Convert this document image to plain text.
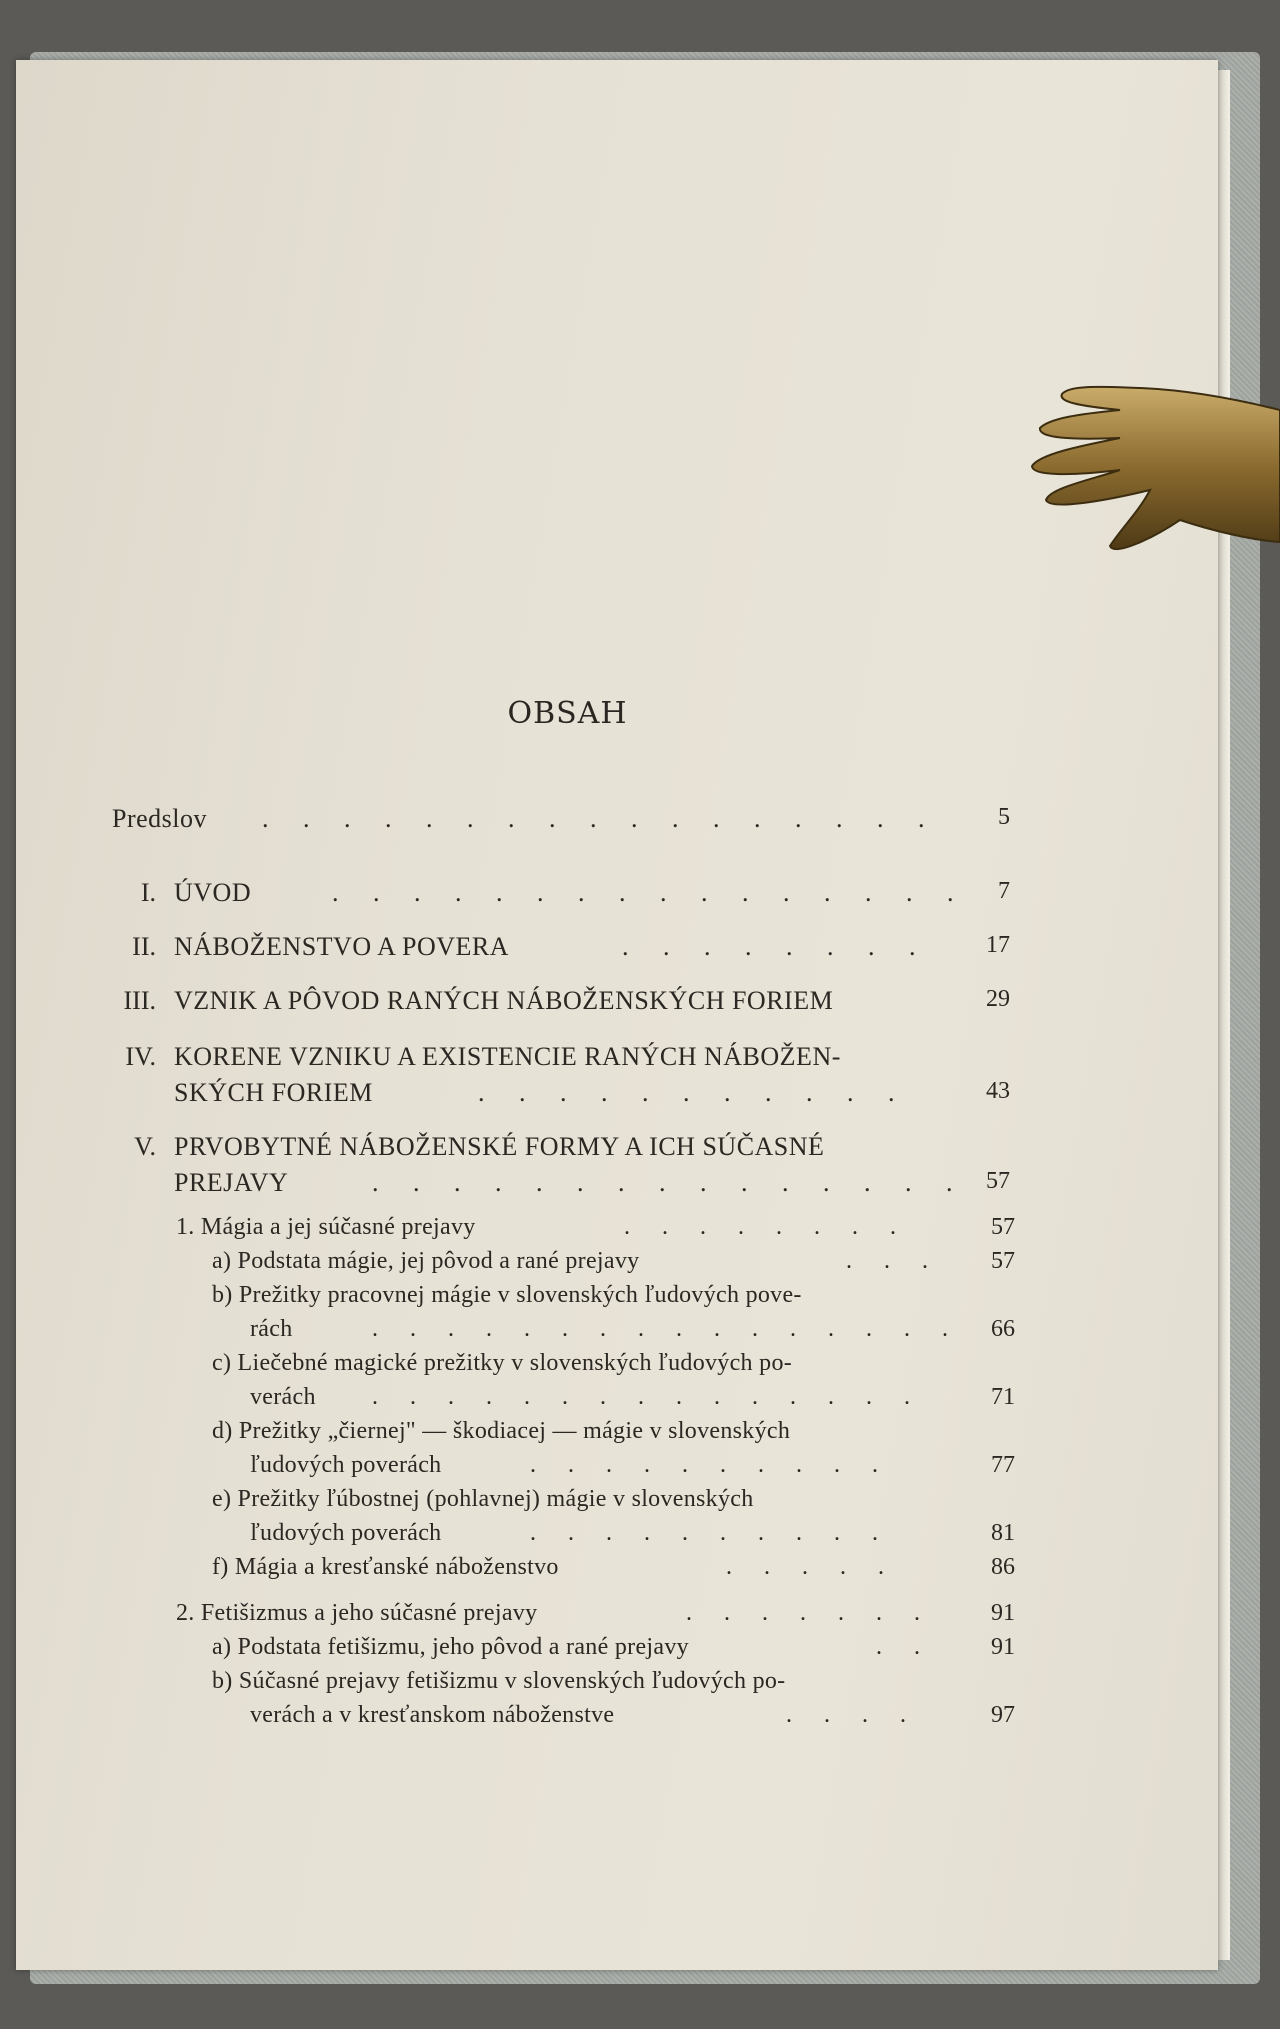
OBSAH
Predslov . . . . . . . . . . . . . . . . .	5
I. ÚVOD	. . . . . . . . . . . . . . . .	7
II. NÁBOŽENSTVO A POVERA	. . . . . . . .	17
III. VZNIK A PÔVOD RANÝCH NÁBOŽENSKÝCH FORIEM	29
IV. KORENE VZNIKU A EXISTENCIE RANÝCH NÁBOŽEN-
SKÝCH FORIEM	. . . . . . . . . . .	43
V. PRVOBYTNÉ NÁBOŽENSKÉ FORMY A ICH SÚČASNÉ
PREJAVY	. . . . . . . . . . . . . . . 57
1. Mágia a jej súčasné prejavy	. . . . . . . .	57
a) Podstata mágie, jej pôvod a rané prejavy	. . .	57
b) Prežitky pracovnej mágie v slovenských ľudových pove-
rách	. . . . . . . . . . . . . . . .	66
c) Liečebné magické prežitky v slovenských ľudových po-
verách . . . . . . . . . . . . . . .	71
d) Prežitky „čiernej" — škodiacej — mágie v slovenských
ľudových poverách	. . . . . . . . . .	77
e) Prežitky ľúbostnej (pohlavnej) mágie v slovenských
ľudových poverách	. . . . . . . . . .	81
f) Mágia a kresťanské náboženstvo	. . . . .	86
2. Fetišizmus a jeho súčasné prejavy	. . . . . . .	91
a) Podstata fetišizmu, jeho pôvod a rané prejavy	. .	91
b) Súčasné prejavy fetišizmu v slovenských ľudových po-
verách a v kresťanskom náboženstve	. . . .	97
